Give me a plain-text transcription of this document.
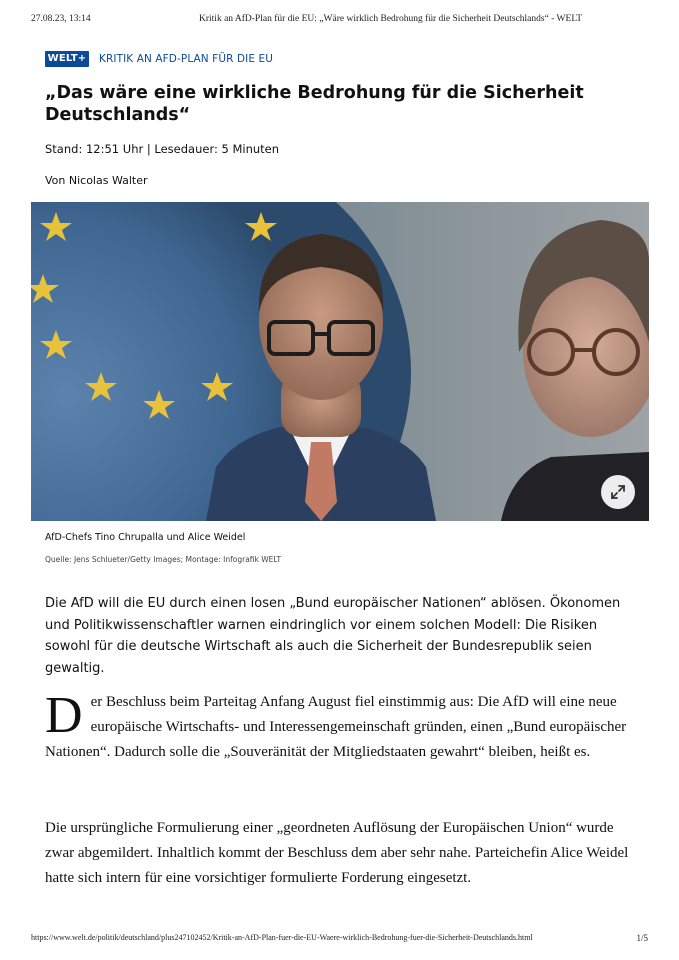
27.08.23, 13:14	Kritik an AfD-Plan für die EU: „Wäre wirklich Bedrohung für die Sicherheit Deutschlands“ - WELT
WELT+ KRITIK AN AFD-PLAN FÜR DIE EU
„Das wäre eine wirkliche Bedrohung für die Sicherheit Deutschlands“
Stand: 12:51 Uhr | Lesedauer: 5 Minuten
Von Nicolas Walter
AfD-Chefs Tino Chrupalla und Alice Weidel
Quelle: Jens Schlueter/Getty Images; Montage: Infografik WELT

Die AfD will die EU durch einen losen „Bund europäischer Nationen“ ablösen. Ökonomen und Politikwissenschaftler warnen eindringlich vor einem solchen Modell: Die Risiken sowohl für die deutsche Wirtschaft als auch die Sicherheit der Bundesrepublik seien gewaltig.

Der Beschluss beim Parteitag Anfang August fiel einstimmig aus: Die AfD will eine neue europäische Wirtschafts- und Interessengemeinschaft gründen, einen „Bund europäischer Nationen“. Dadurch solle die „Souveränität der Mitgliedstaaten gewahrt“ bleiben, heißt es.

Die ursprüngliche Formulierung einer „geordneten Auflösung der Europäischen Union“ wurde zwar abgemildert. Inhaltlich kommt der Beschluss dem aber sehr nahe. Parteichefin Alice Weidel hatte sich intern für eine vorsichtiger formulierte Forderung eingesetzt.

https://www.welt.de/politik/deutschland/plus247102452/Kritik-an-AfD-Plan-fuer-die-EU-Waere-wirklich-Bedrohung-fuer-die-Sicherheit-Deutschlands.html	1/5
